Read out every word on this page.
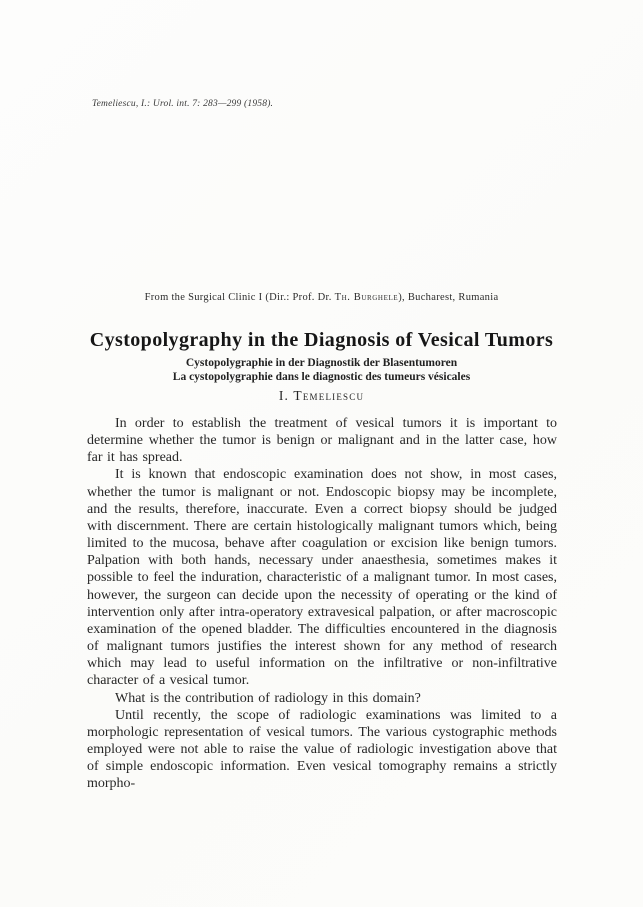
Temeliescu, I.: Urol. int. 7: 283—299 (1958).
From the Surgical Clinic I (Dir.: Prof. Dr. Th. Burghele), Bucharest, Rumania
Cystopolygraphy in the Diagnosis of Vesical Tumors

Cystopolygraphie in der Diagnostik der Blasentumoren

La cystopolygraphie dans le diagnostic des tumeurs vésicales

I. Temeliescu

In order to establish the treatment of vesical tumors it is important to determine whether the tumor is benign or malignant and in the latter case, how far it has spread.

It is known that endoscopic examination does not show, in most cases, whether the tumor is malignant or not. Endoscopic biopsy may be incomplete, and the results, therefore, inaccurate. Even a correct biopsy should be judged with discernment. There are certain histologically malignant tumors which, being limited to the mucosa, behave after coagulation or excision like benign tumors. Palpation with both hands, necessary under anaesthesia, sometimes makes it possible to feel the induration, characteristic of a malignant tumor. In most cases, however, the surgeon can decide upon the necessity of operating or the kind of intervention only after intra-operatory extravesical palpation, or after macroscopic examination of the opened bladder. The difficulties encountered in the diagnosis of malignant tumors justifies the interest shown for any method of research which may lead to useful information on the infiltrative or non-infiltrative character of a vesical tumor.

What is the contribution of radiology in this domain?

Until recently, the scope of radiologic examinations was limited to a morphologic representation of vesical tumors. The various cystographic methods employed were not able to raise the value of radiologic investigation above that of simple endoscopic information. Even vesical tomography remains a strictly morpho-
